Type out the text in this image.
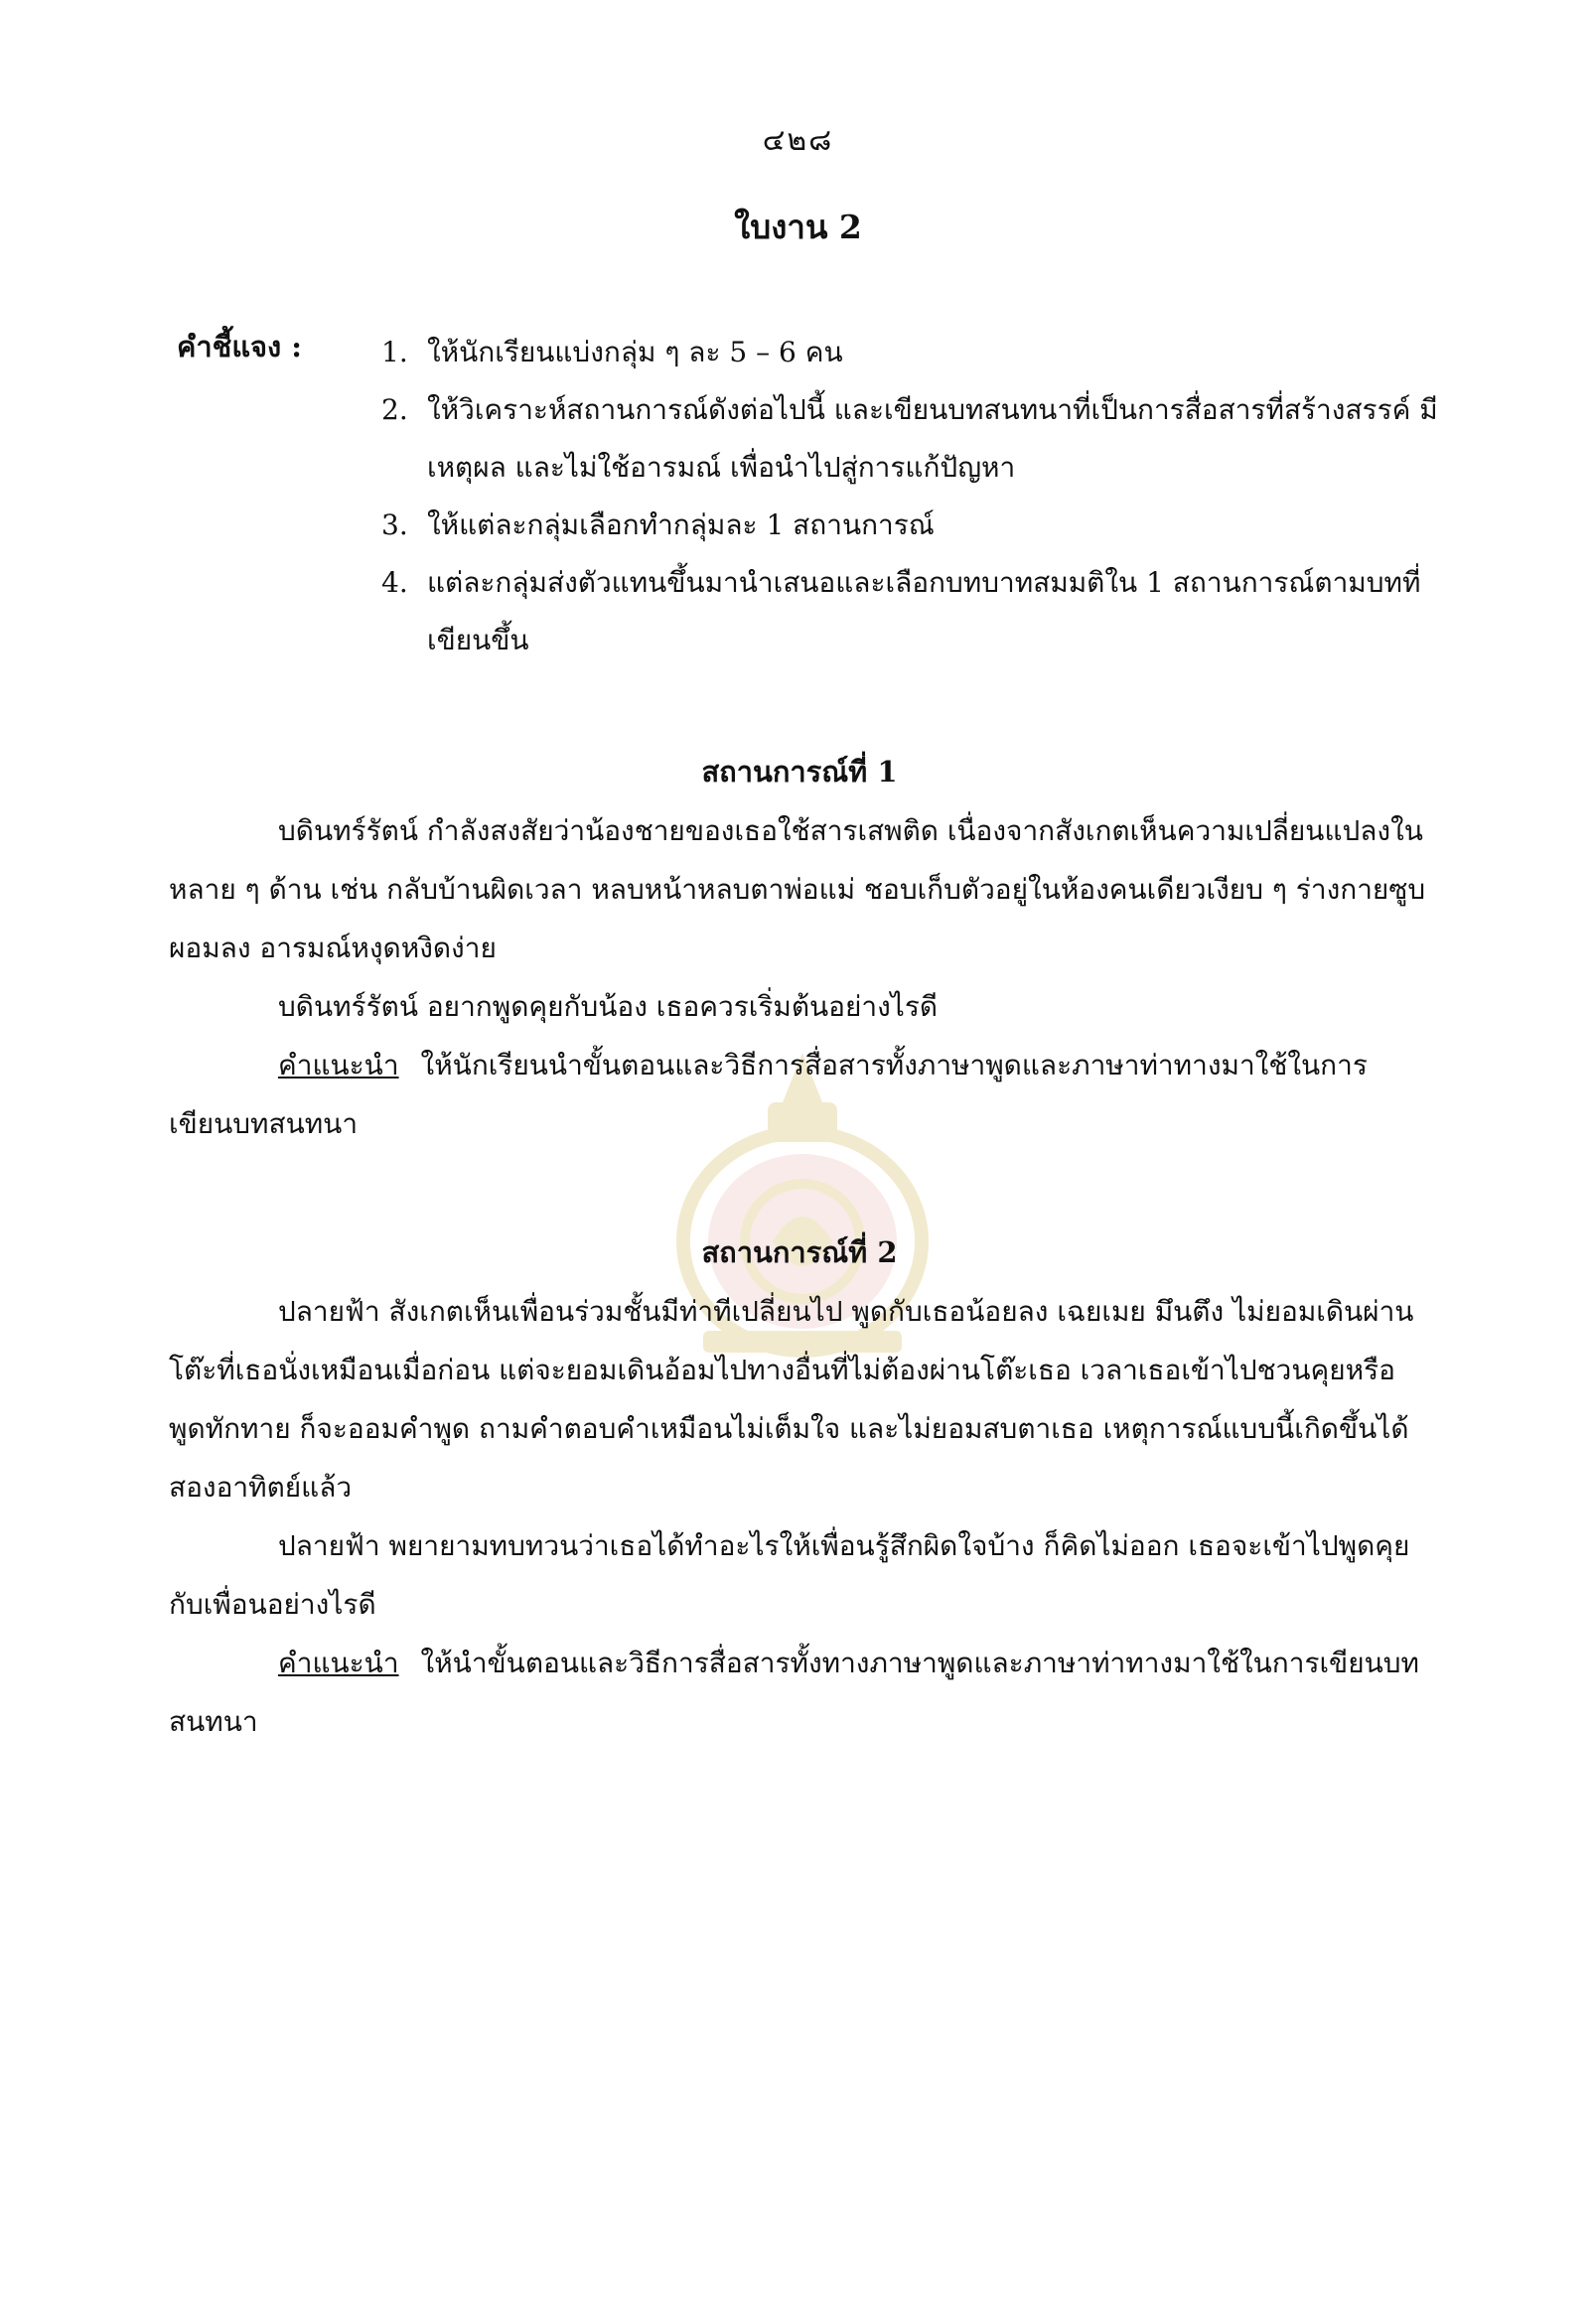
๔๒๘
ใบงาน 2
คำชี้แจง :	1. ให้นักเรียนแบ่งกลุ่ม ๆ ละ 5 – 6 คน
2. ให้วิเคราะห์สถานการณ์ดังต่อไปนี้ และเขียนบทสนทนาที่เป็นการสื่อสารที่สร้างสรรค์ มีเหตุผล และไม่ใช้อารมณ์ เพื่อนำไปสู่การแก้ปัญหา
3. ให้แต่ละกลุ่มเลือกทำกลุ่มละ 1 สถานการณ์
4. แต่ละกลุ่มส่งตัวแทนขึ้นมานำเสนอและเลือกบทบาทสมมติใน 1 สถานการณ์ตามบทที่เขียนขึ้น

สถานการณ์ที่ 1

บดินทร์รัตน์ กำลังสงสัยว่าน้องชายของเธอใช้สารเสพติด เนื่องจากสังเกตเห็นความเปลี่ยนแปลงในหลาย ๆ ด้าน เช่น กลับบ้านผิดเวลา หลบหน้าหลบตาพ่อแม่ ชอบเก็บตัวอยู่ในห้องคนเดียวเงียบ ๆ ร่างกายซูบผอมลง อารมณ์หงุดหงิดง่าย

บดินทร์รัตน์ อยากพูดคุยกับน้อง เธอควรเริ่มต้นอย่างไรดี

คำแนะนำ ให้นักเรียนนำขั้นตอนและวิธีการสื่อสารทั้งภาษาพูดและภาษาท่าทางมาใช้ในการเขียนบทสนทนา

สถานการณ์ที่ 2

ปลายฟ้า สังเกตเห็นเพื่อนร่วมชั้นมีท่าทีเปลี่ยนไป พูดกับเธอน้อยลง เฉยเมย มึนตึง ไม่ยอมเดินผ่านโต๊ะที่เธอนั่งเหมือนเมื่อก่อน แต่จะยอมเดินอ้อมไปทางอื่นที่ไม่ต้องผ่านโต๊ะเธอ เวลาเธอเข้าไปชวนคุยหรือพูดทักทาย ก็จะออมคำพูด ถามคำตอบคำเหมือนไม่เต็มใจ และไม่ยอมสบตาเธอ เหตุการณ์แบบนี้เกิดขึ้นได้สองอาทิตย์แล้ว

ปลายฟ้า พยายามทบทวนว่าเธอได้ทำอะไรให้เพื่อนรู้สึกผิดใจบ้าง ก็คิดไม่ออก เธอจะเข้าไปพูดคุยกับเพื่อนอย่างไรดี

คำแนะนำ ให้นำขั้นตอนและวิธีการสื่อสารทั้งทางภาษาพูดและภาษาท่าทางมาใช้ในการเขียนบทสนทนา
